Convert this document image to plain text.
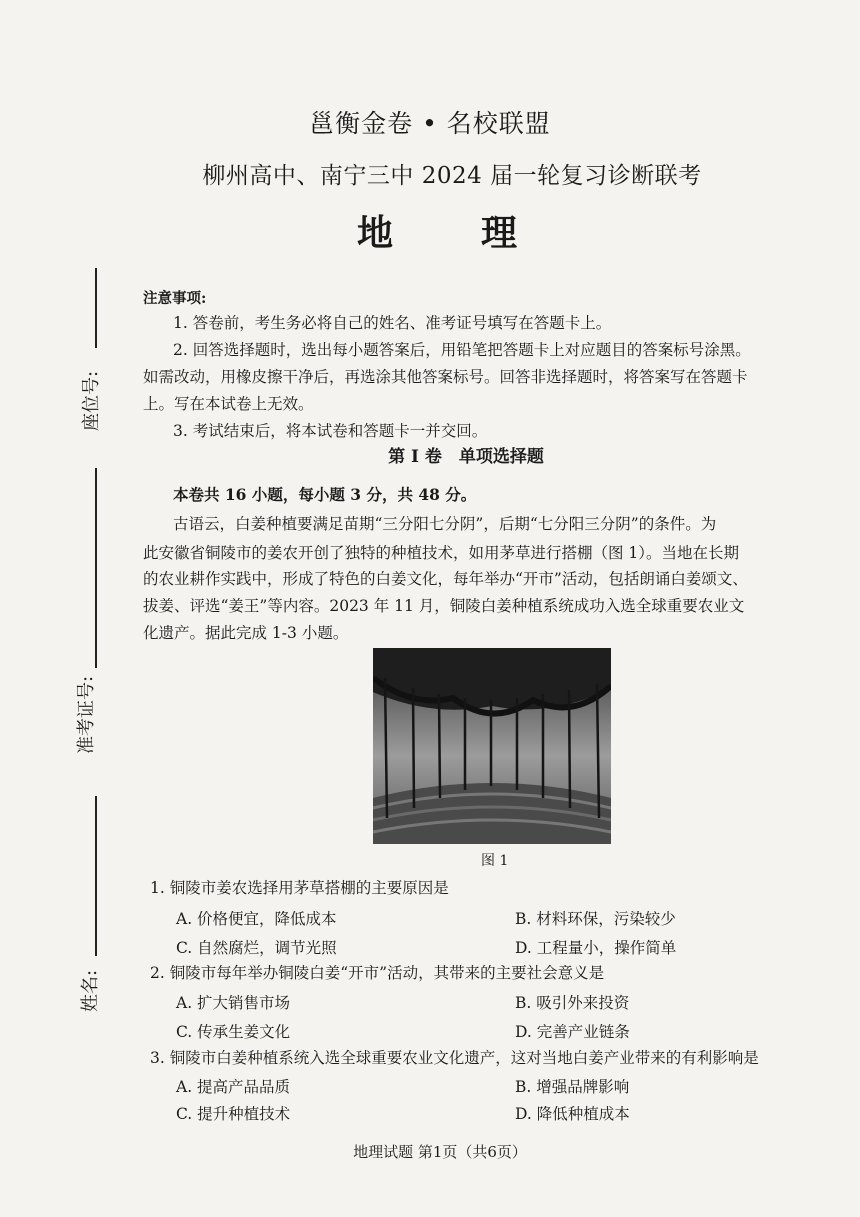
座位号:
准考证号:
姓名:
邕衡金卷 • 名校联盟
柳州高中、南宁三中 2024 届一轮复习诊断联考
地　理
注意事项:
1. 答卷前，考生务必将自己的姓名、准考证号填写在答题卡上。
2. 回答选择题时，选出每小题答案后，用铅笔把答题卡上对应题目的答案标号涂黑。
如需改动，用橡皮擦干净后，再选涂其他答案标号。回答非选择题时，将答案写在答题卡
上。写在本试卷上无效。
3. 考试结束后，将本试卷和答题卡一并交回。
第 I 卷　单项选择题
本卷共 16 小题，每小题 3 分，共 48 分。
古语云，白姜种植要满足苗期“三分阳七分阴”，后期“七分阳三分阴”的条件。为
此安徽省铜陵市的姜农开创了独特的种植技术，如用茅草进行搭棚（图 1）。当地在长期
的农业耕作实践中，形成了特色的白姜文化，每年举办“开市”活动，包括朗诵白姜颂文、
拔姜、评选“姜王”等内容。2023 年 11 月，铜陵白姜种植系统成功入选全球重要农业文
化遗产。据此完成 1-3 小题。
图 1
1. 铜陵市姜农选择用茅草搭棚的主要原因是
A. 价格便宜，降低成本	B. 材料环保，污染较少
C. 自然腐烂，调节光照	D. 工程量小，操作简单
2. 铜陵市每年举办铜陵白姜“开市”活动，其带来的主要社会意义是
A. 扩大销售市场	B. 吸引外来投资
C. 传承生姜文化	D. 完善产业链条
3. 铜陵市白姜种植系统入选全球重要农业文化遗产，这对当地白姜产业带来的有利影响是
A. 提高产品品质	B. 增强品牌影响
C. 提升种植技术	D. 降低种植成本
地理试题 第1页（共6页）
